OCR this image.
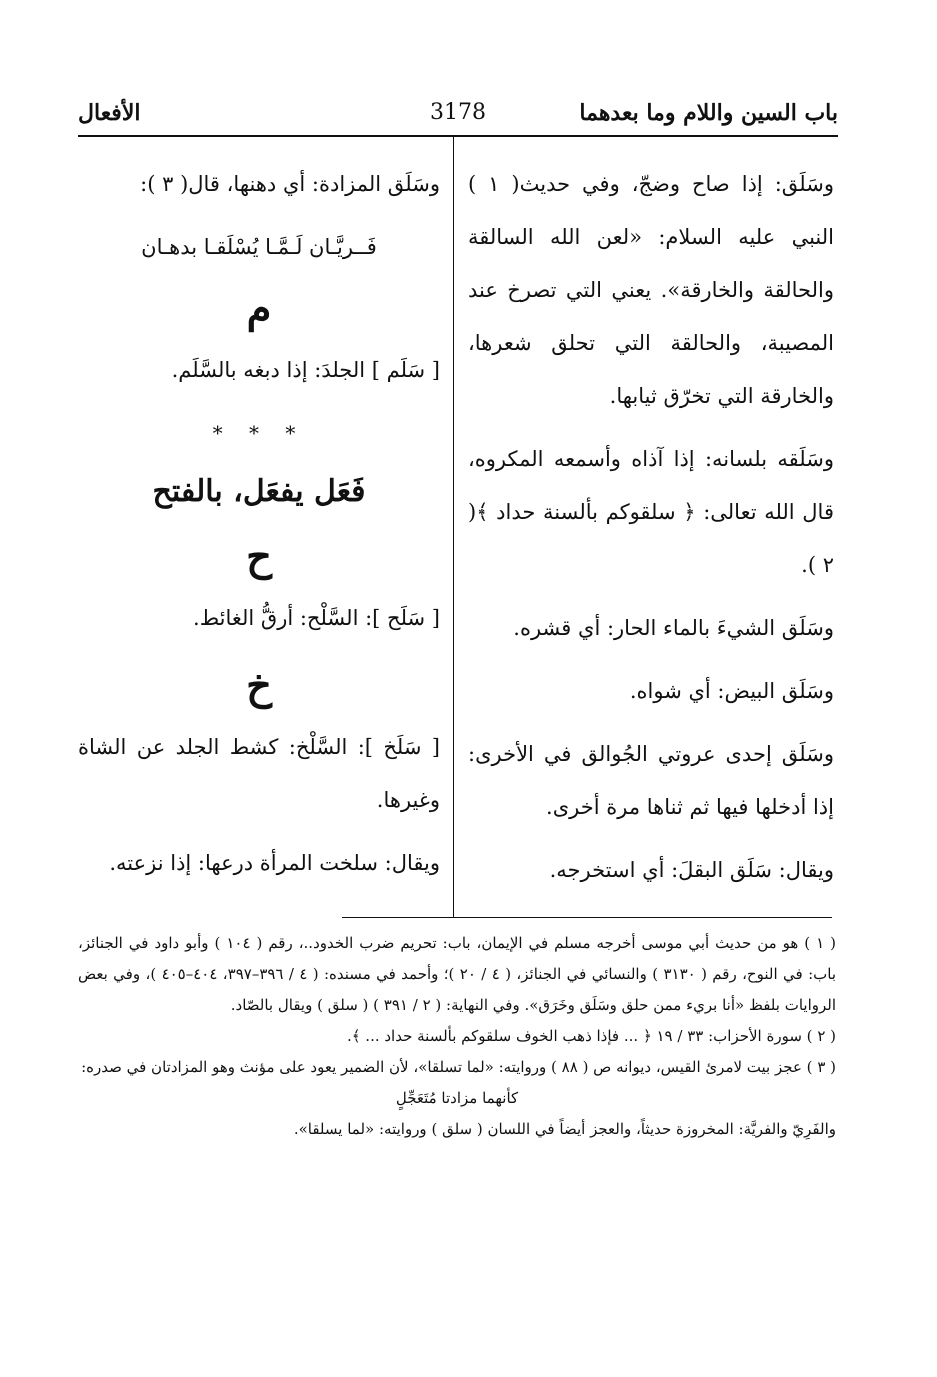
باب السين واللام وما بعدهما
3178
الأفعال

وسَلَق: إذا صاح وضجّ، وفي حديث( ١ ) النبي عليه السلام: «لعن الله السالقة والحالقة والخارقة». يعني التي تصرخ عند المصيبة، والحالقة التي تحلق شعرها، والخارقة التي تخرّق ثيابها.

وسَلَقه بلسانه: إذا آذاه وأسمعه المكروه، قال الله تعالى: ﴿ سلقوكم بألسنة حداد ﴾( ٢ ).

وسَلَق الشيءَ بالماء الحار: أي قشره.

وسَلَق البيض: أي شواه.

وسَلَق إحدى عروتي الجُوالق في الأخرى: إذا أدخلها فيها ثم ثناها مرة أخرى.

ويقال: سَلَق البقلَ: أي استخرجه.

وسَلَق المزادة: أي دهنها، قال( ٣ ):

فَــريَّـان لَـمَّـا يُسْلَقـا بدهـان

م

[ سَلَم ] الجلدَ: إذا دبغه بالسَّلَم.

* * *

فَعَل يفعَل، بالفتح
ح

[ سَلَح ]: السَّلْح: أرقُّ الغائط.

خ

[ سَلَخ ]: السَّلْخ: كشط الجلد عن الشاة وغيرها.

ويقال: سلخت المرأة درعها: إذا نزعته.

( ١ ) هو من حديث أبي موسى أخرجه مسلم في الإيمان، باب: تحريم ضرب الخدود..، رقم ( ١٠٤ ) وأبو داود في الجنائز، باب: في النوح، رقم ( ٣١٣٠ ) والنسائي في الجنائز، ( ٤ / ٢٠ )؛ وأحمد في مسنده: ( ٤ / ٣٩٦–٣٩٧، ٤٠٤–٤٠٥ )، وفي بعض الروايات بلفظ «أنا بريء ممن حلق وسَلَق وخَرَق». وفي النهاية: ( ٢ / ٣٩١ ) ( سلق ) ويقال بالصّاد.

( ٢ ) سورة الأحزاب: ٣٣ / ١٩ ﴿ ... فإذا ذهب الخوف سلقوكم بألسنة حداد ... ﴾.

( ٣ ) عجز بيت لامرئ القيس، ديوانه ص ( ٨٨ ) وروايته: «لما تسلقا»، لأن الضمير يعود على مؤنث وهو المزادتان في صدره:

كأنهما مزادتا مُتَعَجِّلٍ

والفَرِيّ والفريَّة: المخروزة حديثاً، والعجز أيضاً في اللسان ( سلق ) وروايته: «لما يسلقا».
